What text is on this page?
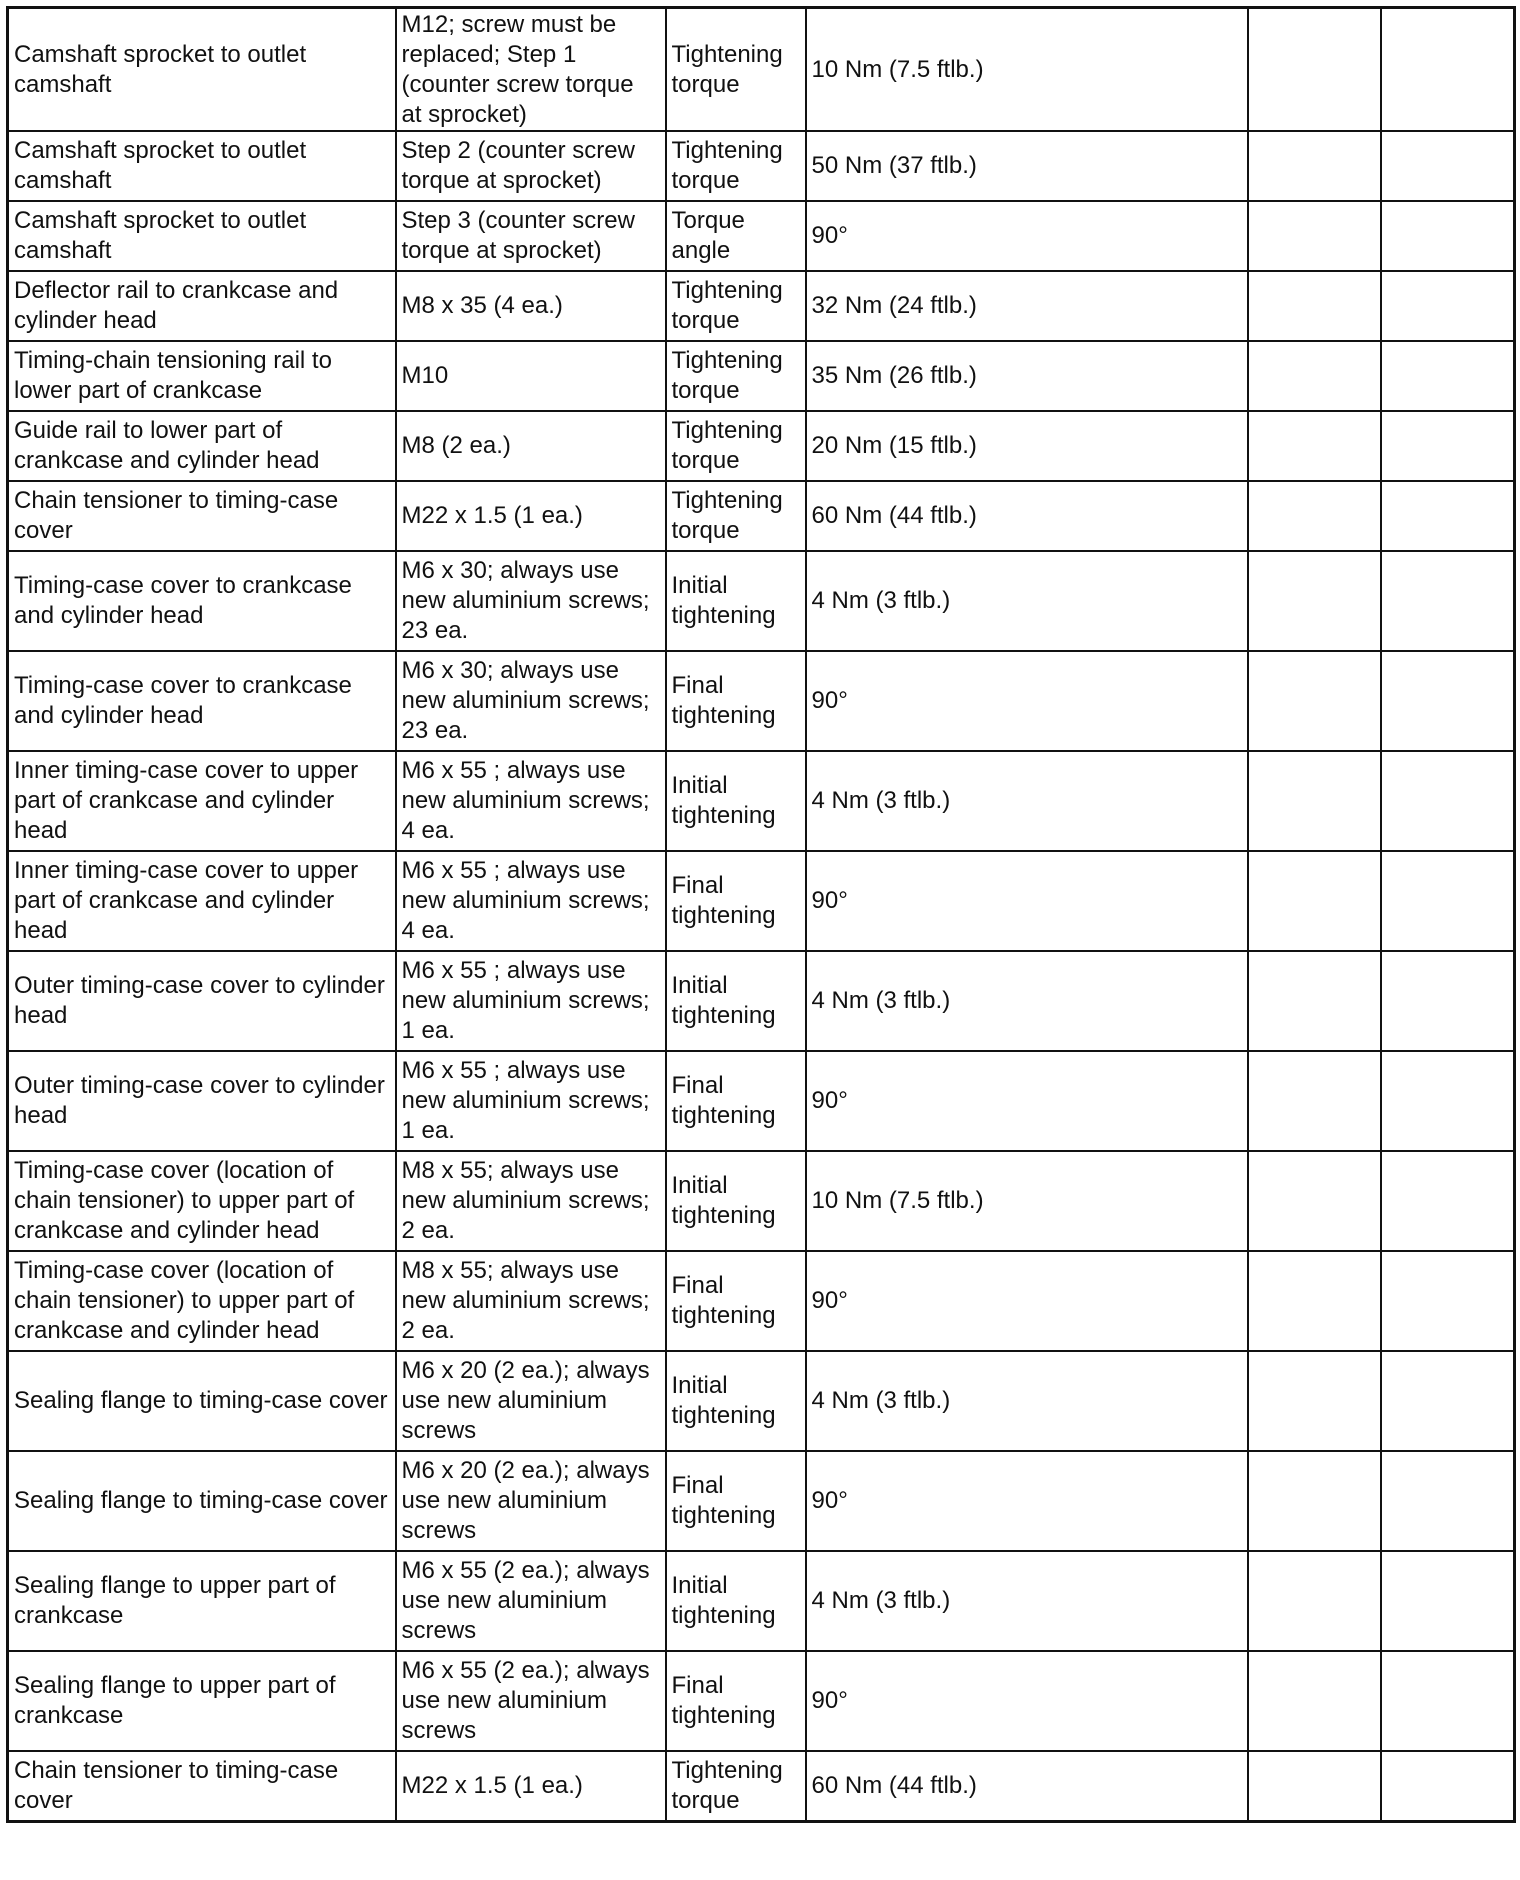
Camshaft sprocket to outlet camshaft	M12; screw must be replaced; Step 1 (counter screw torque at sprocket)	Tightening torque	10 Nm (7.5 ftlb.)		
Camshaft sprocket to outlet camshaft	Step 2 (counter screw torque at sprocket)	Tightening torque	50 Nm (37 ftlb.)		
Camshaft sprocket to outlet camshaft	Step 3 (counter screw torque at sprocket)	Torque angle	90°		
Deflector rail to crankcase and cylinder head	M8 x 35 (4 ea.)	Tightening torque	32 Nm (24 ftlb.)		
Timing-chain tensioning rail to lower part of crankcase	M10	Tightening torque	35 Nm (26 ftlb.)		
Guide rail to lower part of crankcase and cylinder head	M8 (2 ea.)	Tightening torque	20 Nm (15 ftlb.)		
Chain tensioner to timing-case cover	M22 x 1.5 (1 ea.)	Tightening torque	60 Nm (44 ftlb.)		
Timing-case cover to crankcase and cylinder head	M6 x 30; always use new aluminium screws; 23 ea.	Initial tightening	4 Nm (3 ftlb.)		
Timing-case cover to crankcase and cylinder head	M6 x 30; always use new aluminium screws; 23 ea.	Final tightening	90°		
Inner timing-case cover to upper part of crankcase and cylinder head	M6 x 55 ; always use new aluminium screws; 4 ea.	Initial tightening	4 Nm (3 ftlb.)		
Inner timing-case cover to upper part of crankcase and cylinder head	M6 x 55 ; always use new aluminium screws; 4 ea.	Final tightening	90°		
Outer timing-case cover to cylinder head	M6 x 55 ; always use new aluminium screws; 1 ea.	Initial tightening	4 Nm (3 ftlb.)		
Outer timing-case cover to cylinder head	M6 x 55 ; always use new aluminium screws; 1 ea.	Final tightening	90°		
Timing-case cover (location of chain tensioner) to upper part of crankcase and cylinder head	M8 x 55; always use new aluminium screws; 2 ea.	Initial tightening	10 Nm (7.5 ftlb.)		
Timing-case cover (location of chain tensioner) to upper part of crankcase and cylinder head	M8 x 55; always use new aluminium screws; 2 ea.	Final tightening	90°		
Sealing flange to timing-case cover	M6 x 20 (2 ea.); always use new aluminium screws	Initial tightening	4 Nm (3 ftlb.)		
Sealing flange to timing-case cover	M6 x 20 (2 ea.); always use new aluminium screws	Final tightening	90°		
Sealing flange to upper part of crankcase	M6 x 55 (2 ea.); always use new aluminium screws	Initial tightening	4 Nm (3 ftlb.)		
Sealing flange to upper part of crankcase	M6 x 55 (2 ea.); always use new aluminium screws	Final tightening	90°		
Chain tensioner to timing-case cover	M22 x 1.5 (1 ea.)	Tightening torque	60 Nm (44 ftlb.)		
